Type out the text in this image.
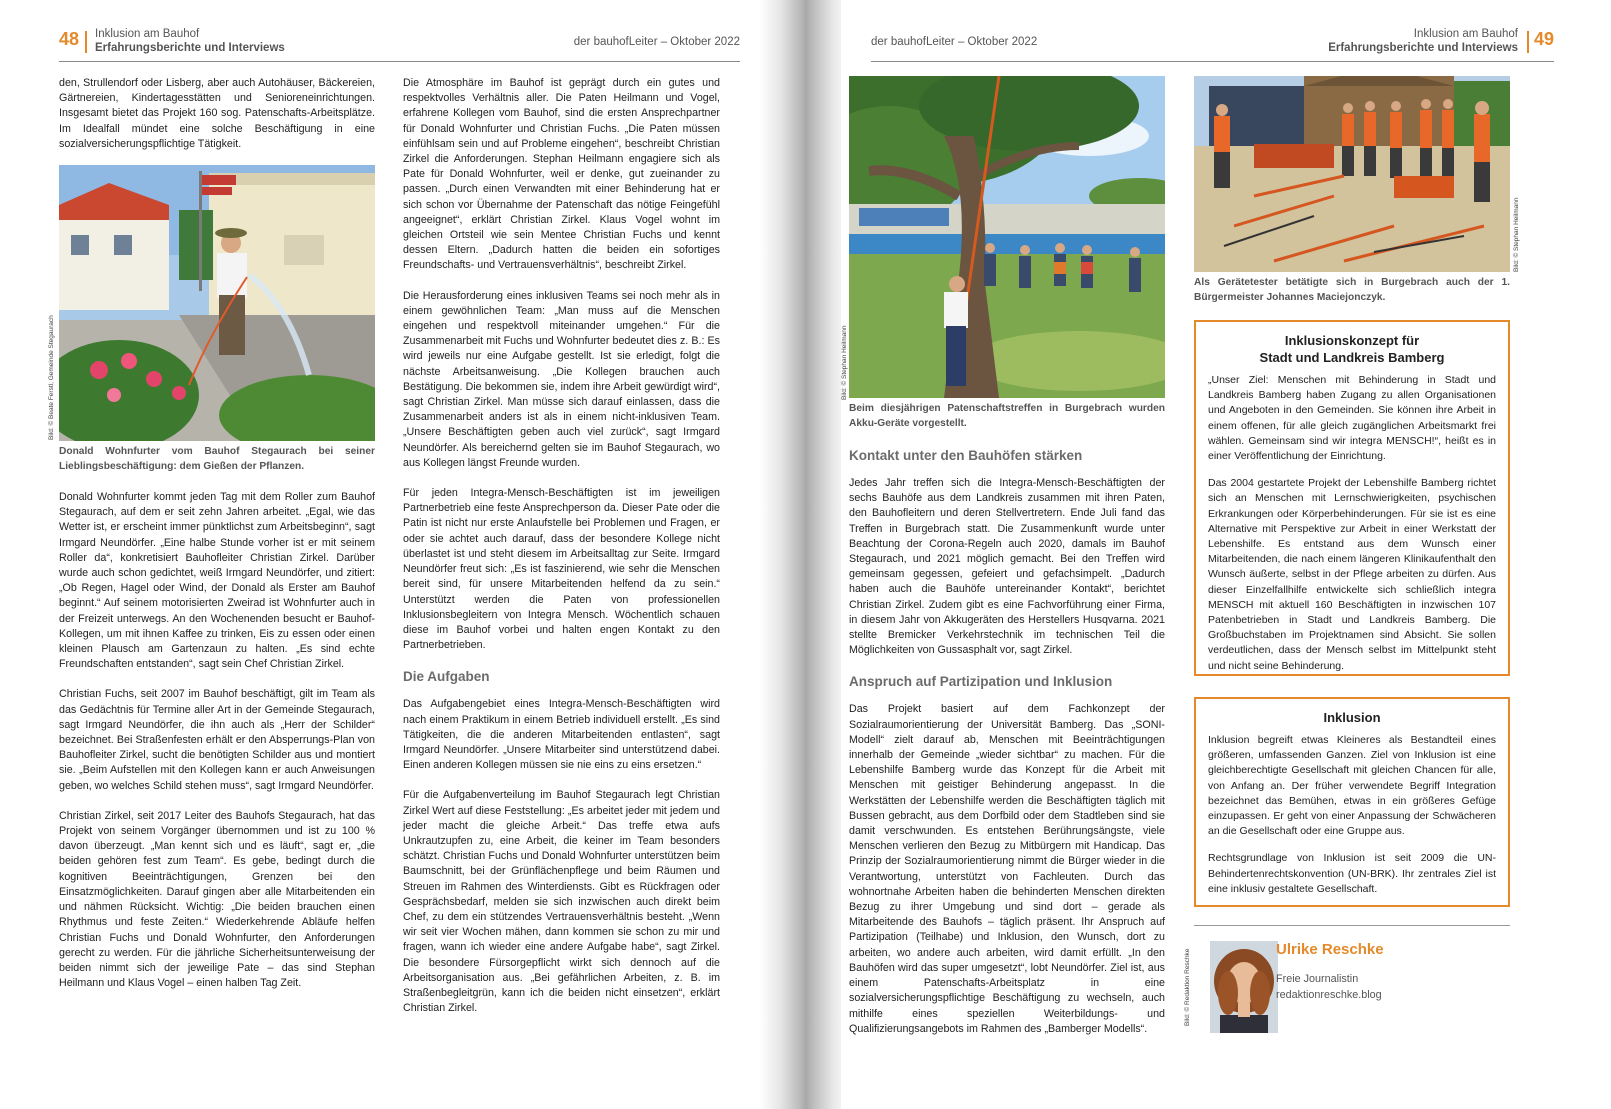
48 Inklusion am Bauhof
Erfahrungsberichte und Interviews	der bauhofLeiter – Oktober 2022

den, Strullendorf oder Lisberg, aber auch Autohäuser, Bäckereien, Gärtnereien, Kindertagesstätten und Senioreneinrichtungen. Insgesamt bietet das Projekt 160 sog. Patenschafts-Arbeitsplätze. Im Idealfall mündet eine solche Beschäftigung in eine sozialversicherungspflichtige Tätigkeit.

Donald Wohnfurter vom Bauhof Stegaurach bei seiner Lieblingsbeschäftigung: dem Gießen der Pflanzen.

Donald Wohnfurter kommt jeden Tag mit dem Roller zum Bauhof Stegaurach, auf dem er seit zehn Jahren arbeitet. „Egal, wie das Wetter ist, er erscheint immer pünktlichst zum Arbeitsbeginn“, sagt Irmgard Neundörfer. „Eine halbe Stunde vorher ist er mit seinem Roller da“, konkretisiert Bauhofleiter Christian Zirkel. Darüber wurde auch schon gedichtet, weiß Irmgard Neundörfer, und zitiert: „Ob Regen, Hagel oder Wind, der Donald als Erster am Bauhof beginnt.“ Auf seinem motorisierten Zweirad ist Wohnfurter auch in der Freizeit unterwegs. An den Wochenenden besucht er Bauhof-Kollegen, um mit ihnen Kaffee zu trinken, Eis zu essen oder einen kleinen Plausch am Gartenzaun zu halten. „Es sind echte Freundschaften entstanden“, sagt sein Chef Christian Zirkel.

Christian Fuchs, seit 2007 im Bauhof beschäftigt, gilt im Team als das Gedächtnis für Termine aller Art in der Gemeinde Stegaurach, sagt Irmgard Neundörfer, die ihn auch als „Herr der Schilder“ bezeichnet. Bei Straßenfesten erhält er den Absperrungs-Plan von Bauhofleiter Zirkel, sucht die benötigten Schilder aus und montiert sie. „Beim Aufstellen mit den Kollegen kann er auch Anweisungen geben, wo welches Schild stehen muss“, sagt Irmgard Neundörfer.

Christian Zirkel, seit 2017 Leiter des Bauhofs Stegaurach, hat das Projekt von seinem Vorgänger übernommen und ist zu 100 % davon überzeugt. „Man kennt sich und es läuft“, sagt er, „die beiden gehören fest zum Team“. Es gebe, bedingt durch die kognitiven Beeinträchtigungen, Grenzen bei den Einsatzmöglichkeiten. Darauf gingen aber alle Mitarbeitenden ein und nähmen Rücksicht. Wichtig: „Die beiden brauchen einen Rhythmus und feste Zeiten.“ Wiederkehrende Abläufe helfen Christian Fuchs und Donald Wohnfurter, den Anforderungen gerecht zu werden. Für die jährliche Sicherheitsunterweisung der beiden nimmt sich der jeweilige Pate – das sind Stephan Heilmann und Klaus Vogel – einen halben Tag Zeit.

Bild: © Beate Ferstl, Gemeinde Stegaurach

Die Atmosphäre im Bauhof ist geprägt durch ein gutes und respektvolles Verhältnis aller. Die Paten Heilmann und Vogel, erfahrene Kollegen vom Bauhof, sind die ersten Ansprechpartner für Donald Wohnfurter und Christian Fuchs. „Die Paten müssen einfühlsam sein und auf Probleme eingehen“, beschreibt Christian Zirkel die Anforderungen. Stephan Heilmann engagiere sich als Pate für Donald Wohnfurter, weil er denke, gut zueinander zu passen. „Durch einen Verwandten mit einer Behinderung hat er sich schon vor Übernahme der Patenschaft das nötige Feingefühl angeeignet“, erklärt Christian Zirkel. Klaus Vogel wohnt im gleichen Ortsteil wie sein Mentee Christian Fuchs und kennt dessen Eltern. „Dadurch hatten die beiden ein sofortiges Freundschafts- und Vertrauensverhältnis“, beschreibt Zirkel.

Die Herausforderung eines inklusiven Teams sei noch mehr als in einem gewöhnlichen Team: „Man muss auf die Menschen eingehen und respektvoll miteinander umgehen.“ Für die Zusammenarbeit mit Fuchs und Wohnfurter bedeutet dies z. B.: Es wird jeweils nur eine Aufgabe gestellt. Ist sie erledigt, folgt die nächste Arbeitsanweisung. „Die Kollegen brauchen auch Bestätigung. Die bekommen sie, indem ihre Arbeit gewürdigt wird“, sagt Christian Zirkel. Man müsse sich darauf einlassen, dass die Zusammenarbeit anders ist als in einem nicht-inklusiven Team. „Unsere Beschäftigten geben auch viel zurück“, sagt Irmgard Neundörfer. Als bereichernd gelten sie im Bauhof Stegaurach, wo aus Kollegen längst Freunde wurden.

Für jeden Integra-Mensch-Beschäftigten ist im jeweiligen Partnerbetrieb eine feste Ansprechperson da. Dieser Pate oder die Patin ist nicht nur erste Anlaufstelle bei Problemen und Fragen, er oder sie achtet auch darauf, dass der besondere Kollege nicht überlastet ist und steht diesem im Arbeitsalltag zur Seite. Irmgard Neundörfer freut sich: „Es ist faszinierend, wie sehr die Menschen bereit sind, für unsere Mitarbeitenden helfend da zu sein.“ Unterstützt werden die Paten von professionellen Inklusionsbegleitern von Integra Mensch. Wöchentlich schauen diese im Bauhof vorbei und halten engen Kontakt zu den Partnerbetrieben.

Die Aufgaben

Das Aufgabengebiet eines Integra-Mensch-Beschäftigten wird nach einem Praktikum in einem Betrieb individuell erstellt. „Es sind Tätigkeiten, die die anderen Mitarbeitenden entlasten“, sagt Irmgard Neundörfer. „Unsere Mitarbeiter sind unterstützend dabei. Einen anderen Kollegen müssen sie nie eins zu eins ersetzen.“

Für die Aufgabenverteilung im Bauhof Stegaurach legt Christian Zirkel Wert auf diese Feststellung: „Es arbeitet jeder mit jedem und jeder macht die gleiche Arbeit.“ Das treffe etwa aufs Unkrautzupfen zu, eine Arbeit, die keiner im Team besonders schätzt. Christian Fuchs und Donald Wohnfurter unterstützen beim Baumschnitt, bei der Grünflächenpflege und beim Räumen und Streuen im Rahmen des Winterdiensts. Gibt es Rückfragen oder Gesprächsbedarf, melden sie sich inzwischen auch direkt beim Chef, zu dem ein stützendes Vertrauensverhältnis besteht. „Wenn wir seit vier Wochen mähen, dann kommen sie schon zu mir und fragen, wann ich wieder eine andere Aufgabe habe“, sagt Zirkel. Die besondere Fürsorgepflicht wirkt sich dennoch auf die Arbeitsorganisation aus. „Bei gefährlichen Arbeiten, z. B. im Straßenbegleitgrün, kann ich die beiden nicht einsetzen“, erklärt Christian Zirkel.

der bauhofLeiter – Oktober 2022
Inklusion am Bauhof
Erfahrungsberichte und Interviews 49
Beim diesjährigen Patenschaftstreffen in Burgebrach wurden Akku-Geräte vorgestellt.
Kontakt unter den Bauhöfen stärken

Jedes Jahr treffen sich die Integra-Mensch-Beschäftigten der sechs Bauhöfe aus dem Landkreis zusammen mit ihren Paten, den Bauhofleitern und deren Stellvertretern. Ende Juli fand das Treffen in Burgebrach statt. Die Zusammenkunft wurde unter Beachtung der Corona-Regeln auch 2020, damals im Bauhof Stegaurach, und 2021 möglich gemacht. Bei den Treffen wird gemeinsam gegessen, gefeiert und gefachsimpelt. „Dadurch haben auch die Bauhöfe untereinander Kontakt“, berichtet Christian Zirkel. Zudem gibt es eine Fachvorführung einer Firma, in diesem Jahr von Akkugeräten des Herstellers Husqvarna. 2021 stellte Bremicker Verkehrstechnik im technischen Teil die Möglichkeiten von Gussasphalt vor, sagt Zirkel.

Anspruch auf Partizipation und Inklusion

Das Projekt basiert auf dem Fachkonzept der Sozialraumorientierung der Universität Bamberg. Das „SONI-Modell“ zielt darauf ab, Menschen mit Beeinträchtigungen innerhalb der Gemeinde „wieder sichtbar“ zu machen. Für die Lebenshilfe Bamberg wurde das Konzept für die Arbeit mit Menschen mit geistiger Behinderung angepasst. In die Werkstätten der Lebenshilfe werden die Beschäftigten täglich mit Bussen gebracht, aus dem Dorfbild oder dem Stadtleben sind sie damit verschwunden. Es entstehen Berührungsängste, viele Menschen verlieren den Bezug zu Mitbürgern mit Handicap. Das Prinzip der Sozialraumorientierung nimmt die Bürger wieder in die Verantwortung, unterstützt von Fachleuten. Durch das wohnortnahe Arbeiten haben die behinderten Menschen direkten Bezug zu ihrer Umgebung und sind dort – gerade als Mitarbeitende des Bauhofs – täglich präsent. Ihr Anspruch auf Partizipation (Teilhabe) und Inklusion, den Wunsch, dort zu arbeiten, wo andere auch arbeiten, wird damit erfüllt. „In den Bauhöfen wird das super umgesetzt“, lobt Neundörfer. Ziel ist, aus einem Patenschafts-Arbeitsplatz in eine sozialversicherungspflichtige Beschäftigung zu wechseln, auch mithilfe eines speziellen Weiterbildungs- und Qualifizierungsangebots im Rahmen des „Bamberger Modells“.

Bild: © Stephan Heilmann
Bild: © Stephan Heilmann
Als Gerätetester betätigte sich in Burgebrach auch der 1. Bürgermeister Johannes Maciejonczyk.
Inklusionskonzept für
Stadt und Landkreis Bamberg

„Unser Ziel: Menschen mit Behinderung in Stadt und Landkreis Bamberg haben Zugang zu allen Organisationen und Angeboten in den Gemeinden. Sie können ihre Arbeit in einem offenen, für alle gleich zugänglichen Arbeitsmarkt frei wählen. Gemeinsam sind wir integra MENSCH!“, heißt es in einer Veröffentlichung der Einrichtung.

Das 2004 gestartete Projekt der Lebenshilfe Bamberg richtet sich an Menschen mit Lernschwierigkeiten, psychischen Erkrankungen oder Körperbehinderungen. Für sie ist es eine Alternative mit Perspektive zur Arbeit in einer Werkstatt der Lebenshilfe. Es entstand aus dem Wunsch einer Mitarbeitenden, die nach einem längeren Klinikaufenthalt den Wunsch äußerte, selbst in der Pflege arbeiten zu dürfen. Aus dieser Einzelfallhilfe entwickelte sich schließlich integra MENSCH mit aktuell 160 Beschäftigten in inzwischen 107 Patenbetrieben in Stadt und Landkreis Bamberg. Die Großbuchstaben im Projektnamen sind Absicht. Sie sollen verdeutlichen, dass der Mensch selbst im Mittelpunkt steht und nicht seine Behinderung.

Inklusion

Inklusion begreift etwas Kleineres als Bestandteil eines größeren, umfassenden Ganzen. Ziel von Inklusion ist eine gleichberechtigte Gesellschaft mit gleichen Chancen für alle, von Anfang an. Der früher verwendete Begriff Integration bezeichnet das Bemühen, etwas in ein größeres Gefüge einzupassen. Er geht von einer Anpassung der Schwächeren an die Gesellschaft oder eine Gruppe aus.

Rechtsgrundlage von Inklusion ist seit 2009 die UN-Behindertenrechtskonvention (UN-BRK). Ihr zentrales Ziel ist eine inklusiv gestaltete Gesellschaft.

Bild: © Redaktion Reschke	Ulrike Reschke
Freie Journalistin
redaktionreschke.blog
